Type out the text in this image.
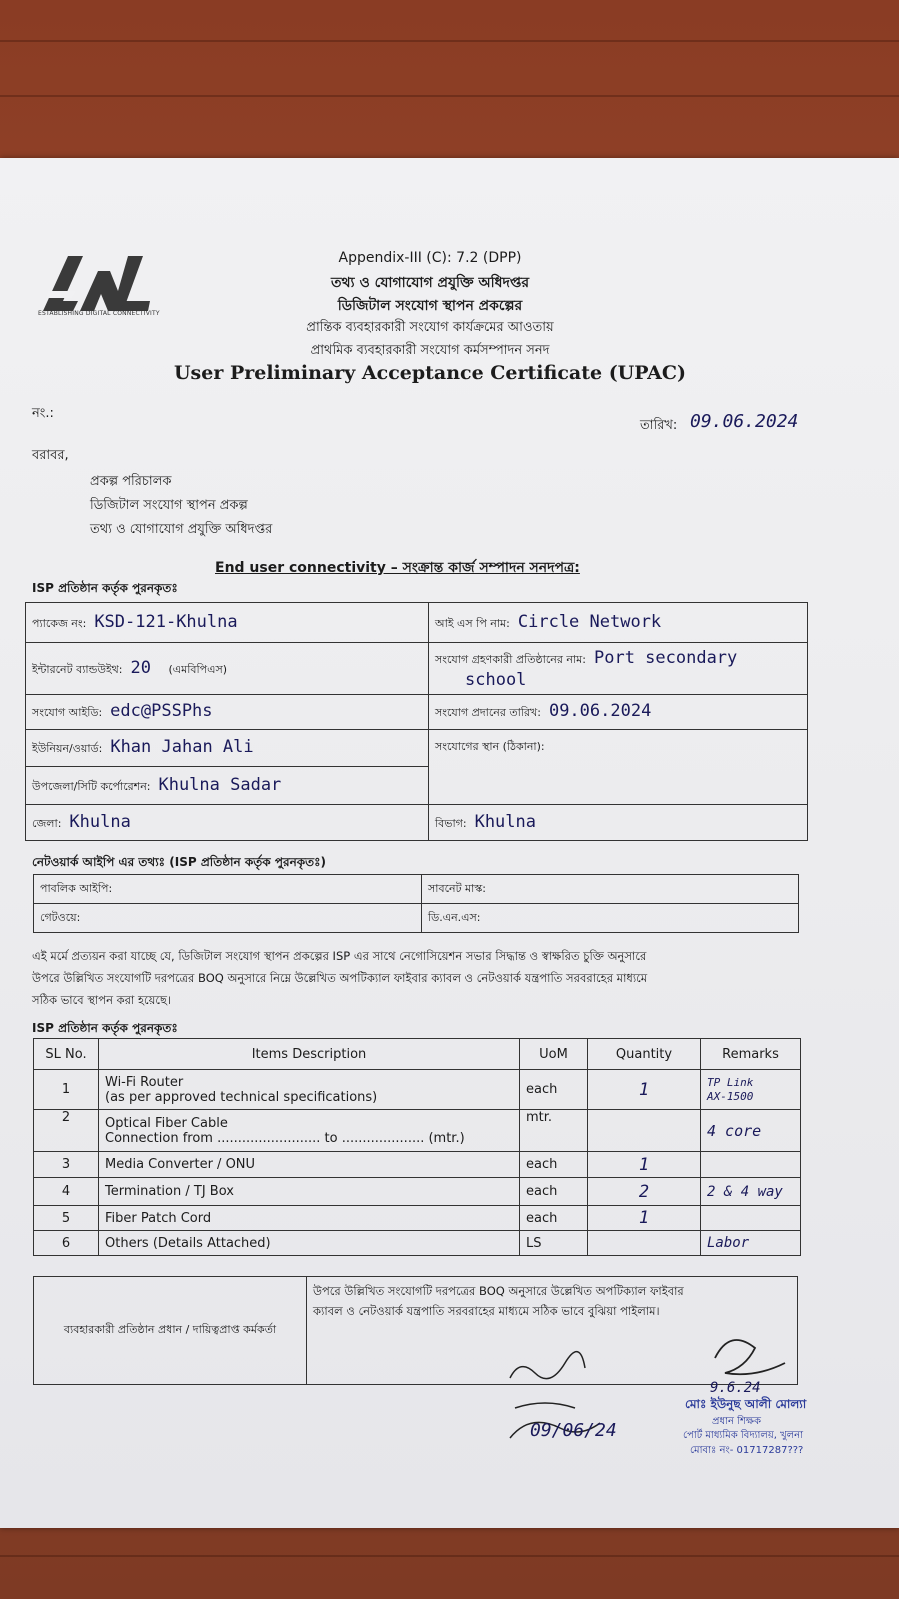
ESTABLISHING DIGITAL CONNECTIVITY
Appendix-III (C): 7.2 (DPP)
তথ্য ও যোগাযোগ প্রযুক্তি অধিদপ্তর
ডিজিটাল সংযোগ স্থাপন প্রকল্পের
প্রান্তিক ব্যবহারকারী সংযোগ কার্যক্রমের আওতায়
প্রাথমিক ব্যবহারকারী সংযোগ কর্মসম্পাদন সনদ
User Preliminary Acceptance Certificate (UPAC)
নং.:
তারিখ: 09.06.2024
বরাবর,
প্রকল্প পরিচালক
ডিজিটাল সংযোগ স্থাপন প্রকল্প
তথ্য ও যোগাযোগ প্রযুক্তি অধিদপ্তর
End user connectivity – সংক্রান্ত কার্জ সম্পাদন সনদপত্র:
ISP প্রতিষ্ঠান কর্তৃক পুরনকৃতঃ
প্যাকেজ নং: KSD-121-Khulna	আই এস পি নাম: Circle Network
ইন্টারনেট ব্যান্ডউইথ: 20 (এমবিপিএস)	সংযোগ গ্রহণকারী প্রতিষ্ঠানের নাম: Port secondary
school
সংযোগ আইডি: edc@PSSPhs	সংযোগ প্রদানের তারিখ: 09.06.2024
ইউনিয়ন/ওয়ার্ড: Khan Jahan Ali	সংযোগের স্থান (ঠিকানা):
উপজেলা/সিটি কর্পোরেশন: Khulna Sadar	
জেলা: Khulna	বিভাগ: Khulna
নেটওয়ার্ক আইপি এর তথ্যঃ (ISP প্রতিষ্ঠান কর্তৃক পুরনকৃতঃ)
পাবলিক আইপি:	সাবনেট মাস্ক:
গেটওয়ে:	ডি.এন.এস:
এই মর্মে প্রত্যয়ন করা যাচ্ছে যে, ডিজিটাল সংযোগ স্থাপন প্রকল্পের ISP এর সাথে নেগোসিয়েশন সভার সিদ্ধান্ত ও স্বাক্ষরিত চুক্তি অনুসারে
উপরে উল্লিখিত সংযোগটি দরপত্রের BOQ অনুসারে নিম্নে উল্লেখিত অপটিক্যাল ফাইবার ক্যাবল ও নেটওয়ার্ক যন্ত্রপাতি সরবরাহের মাধ্যমে
সঠিক ভাবে স্থাপন করা হয়েছে।
ISP প্রতিষ্ঠান কর্তৃক পুরনকৃতঃ
SL No.	Items Description	UoM	Quantity	Remarks
1	Wi-Fi Router
(as per approved technical specifications)	each	1	TP Link
AX-1500
2	Optical Fiber Cable
Connection from ......................... to .................... (mtr.)	mtr.		4 core
3	Media Converter / ONU	each	1	
4	Termination / TJ Box	each	2	2 & 4 way
5	Fiber Patch Cord	each	1	
6	Others (Details Attached)	LS		Labor
ব্যবহারকারী প্রতিষ্ঠান প্রধান / দায়িত্বপ্রাপ্ত কর্মকর্তা	উপরে উল্লিখিত সংযোগটি দরপত্রের BOQ অনুসারে উল্লেখিত অপটিক্যাল ফাইবার
ক্যাবল ও নেটওয়ার্ক যন্ত্রপাতি সরবরাহের মাধ্যমে সঠিক ভাবে বুঝিয়া পাইলাম।
9.6.24
09/06/24
মোঃ ইউনুছ আলী মোল্যা
প্রধান শিক্ষক
পোর্ট মাধ্যমিক বিদ্যালয়, খুলনা
মোবাঃ নং- 01717287???
